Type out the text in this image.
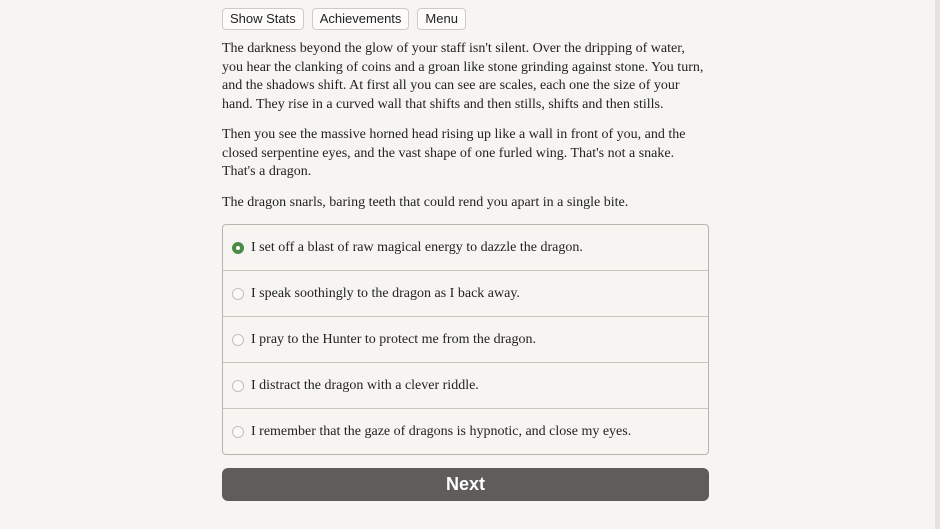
Show Stats	Achievements	Menu

The darkness beyond the glow of your staff isn't silent. Over the dripping of water, you hear the clanking of coins and a groan like stone grinding against stone. You turn, and the shadows shift. At first all you can see are scales, each one the size of your hand. They rise in a curved wall that shifts and then stills, shifts and then stills.

Then you see the massive horned head rising up like a wall in front of you, and the closed serpentine eyes, and the vast shape of one furled wing. That's not a snake. That's a dragon.

The dragon snarls, baring teeth that could rend you apart in a single bite.

I set off a blast of raw magical energy to dazzle the dragon.
I speak soothingly to the dragon as I back away.
I pray to the Hunter to protect me from the dragon.
I distract the dragon with a clever riddle.
I remember that the gaze of dragons is hypnotic, and close my eyes.
Next
